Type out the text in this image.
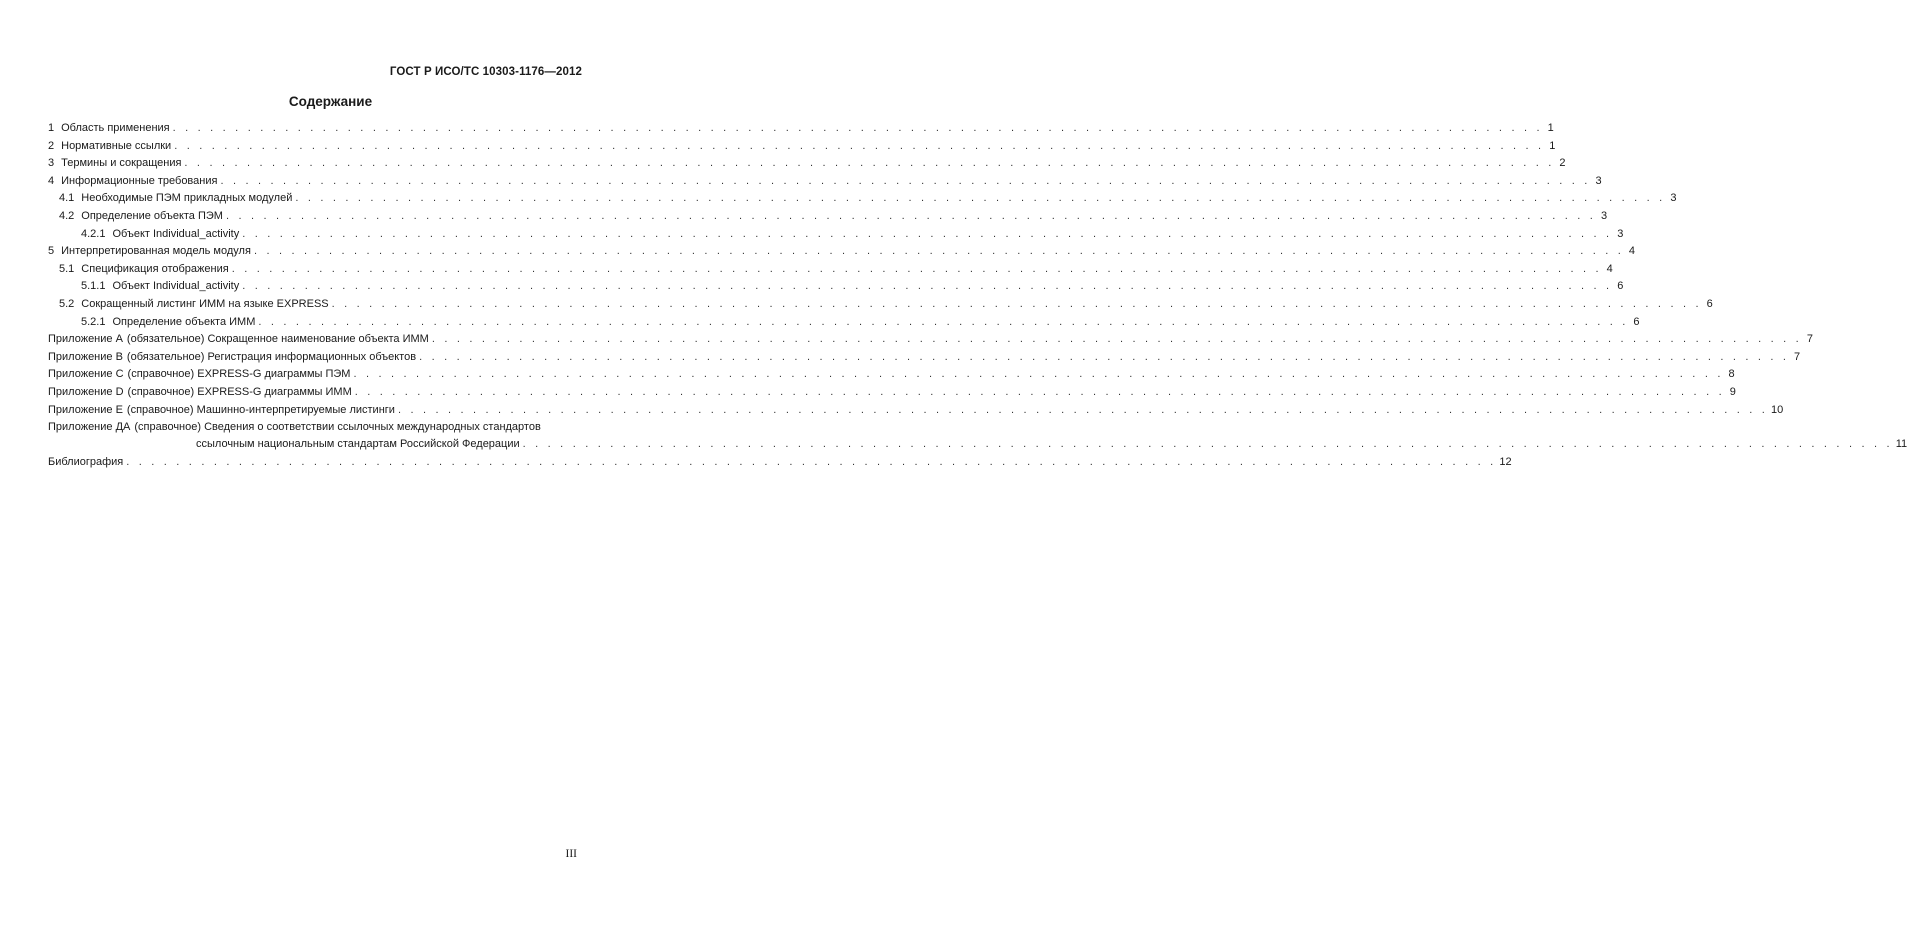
ГОСТ Р ИСО/ТС 10303-1176—2012
Содержание
1 Область применения . . . . . . . . . . . . . . . . . . . . . . . . . . . . . . . . . . . . . . . . . . . . . . . . . . . . . . . . . . . . . . . . . . . . . . . . . . . . . . . . . . . . . . . . . . . . . . . . . . . . . . . . . . . . . . 1
2 Нормативные ссылки . . . . . . . . . . . . . . . . . . . . . . . . . . . . . . . . . . . . . . . . . . . . . . . . . . . . . . . . . . . . . . . . . . . . . . . . . . . . . . . . . . . . . . . . . . . . . . . . . . . . . . . . . . . . . . 1
3 Термины и сокращения . . . . . . . . . . . . . . . . . . . . . . . . . . . . . . . . . . . . . . . . . . . . . . . . . . . . . . . . . . . . . . . . . . . . . . . . . . . . . . . . . . . . . . . . . . . . . . . . . . . . . . . . . . . . . . 2
4 Информационные требования . . . . . . . . . . . . . . . . . . . . . . . . . . . . . . . . . . . . . . . . . . . . . . . . . . . . . . . . . . . . . . . . . . . . . . . . . . . . . . . . . . . . . . . . . . . . . . . . . . . . . . . . . . . . . . 3
4.1 Необходимые ПЭМ прикладных модулей . . . . . . . . . . . . . . . . . . . . . . . . . . . . . . . . . . . . . . . . . . . . . . . . . . . . . . . . . . . . . . . . . . . . . . . . . . . . . . . . . . . . . . . . . . . . . . . . . . . . . . . . . . . . . . 3
4.2 Определение объекта ПЭМ . . . . . . . . . . . . . . . . . . . . . . . . . . . . . . . . . . . . . . . . . . . . . . . . . . . . . . . . . . . . . . . . . . . . . . . . . . . . . . . . . . . . . . . . . . . . . . . . . . . . . . . . . . . . . . 3
4.2.1 Объект Individual_activity . . . . . . . . . . . . . . . . . . . . . . . . . . . . . . . . . . . . . . . . . . . . . . . . . . . . . . . . . . . . . . . . . . . . . . . . . . . . . . . . . . . . . . . . . . . . . . . . . . . . . . . . . . . . . . 3
5 Интерпретированная модель модуля . . . . . . . . . . . . . . . . . . . . . . . . . . . . . . . . . . . . . . . . . . . . . . . . . . . . . . . . . . . . . . . . . . . . . . . . . . . . . . . . . . . . . . . . . . . . . . . . . . . . . . . . . . . . . . 4
5.1 Спецификация отображения . . . . . . . . . . . . . . . . . . . . . . . . . . . . . . . . . . . . . . . . . . . . . . . . . . . . . . . . . . . . . . . . . . . . . . . . . . . . . . . . . . . . . . . . . . . . . . . . . . . . . . . . . . . . . . 4
5.1.1 Объект Individual_activity . . . . . . . . . . . . . . . . . . . . . . . . . . . . . . . . . . . . . . . . . . . . . . . . . . . . . . . . . . . . . . . . . . . . . . . . . . . . . . . . . . . . . . . . . . . . . . . . . . . . . . . . . . . . . . 6
5.2 Сокращенный листинг ИММ на языке EXPRESS . . . . . . . . . . . . . . . . . . . . . . . . . . . . . . . . . . . . . . . . . . . . . . . . . . . . . . . . . . . . . . . . . . . . . . . . . . . . . . . . . . . . . . . . . . . . . . . . . . . . . . . . . . . . . . 6
5.2.1 Определение объекта ИММ . . . . . . . . . . . . . . . . . . . . . . . . . . . . . . . . . . . . . . . . . . . . . . . . . . . . . . . . . . . . . . . . . . . . . . . . . . . . . . . . . . . . . . . . . . . . . . . . . . . . . . . . . . . . . . 6
Приложение А (обязательное) Сокращенное наименование объекта ИММ . . . . . . . . . . . . . . . . . . . . . . . . . . . . . . . . . . . . . . . . . . . . . . . . . . . . . . . . . . . . . . . . . . . . . . . . . . . . . . . . . . . . . . . . . . . . . . . . . . . . . . . . . . . . . . 7
Приложение В (обязательное) Регистрация информационных объектов . . . . . . . . . . . . . . . . . . . . . . . . . . . . . . . . . . . . . . . . . . . . . . . . . . . . . . . . . . . . . . . . . . . . . . . . . . . . . . . . . . . . . . . . . . . . . . . . . . . . . . . . . . . . . . 7
Приложение С (справочное) EXPRESS-G диаграммы ПЭМ . . . . . . . . . . . . . . . . . . . . . . . . . . . . . . . . . . . . . . . . . . . . . . . . . . . . . . . . . . . . . . . . . . . . . . . . . . . . . . . . . . . . . . . . . . . . . . . . . . . . . . . . . . . . . . 8
Приложение D (справочное) EXPRESS-G диаграммы ИММ . . . . . . . . . . . . . . . . . . . . . . . . . . . . . . . . . . . . . . . . . . . . . . . . . . . . . . . . . . . . . . . . . . . . . . . . . . . . . . . . . . . . . . . . . . . . . . . . . . . . . . . . . . . . . . 9
Приложение Е (справочное) Машинно-интерпретируемые листинги . . . . . . . . . . . . . . . . . . . . . . . . . . . . . . . . . . . . . . . . . . . . . . . . . . . . . . . . . . . . . . . . . . . . . . . . . . . . . . . . . . . . . . . . . . . . . . . . . . . . . . . . . . . . . . 10
Приложение ДА (справочное) Сведения о соответствии ссылочных международных стандартов
ссылочным национальным стандартам Российской Федерации . . . . . . . . . . . . . . . . . . . . . . . . . . . . . . . . . . . . . . . . . . . . . . . . . . . . . . . . . . . . . . . . . . . . . . . . . . . . . . . . . . . . . . . . . . . . . . . . . . . . . . . . . . . . . . 11
Библиография . . . . . . . . . . . . . . . . . . . . . . . . . . . . . . . . . . . . . . . . . . . . . . . . . . . . . . . . . . . . . . . . . . . . . . . . . . . . . . . . . . . . . . . . . . . . . . . . . . . . . . . . . . . . . . 12
III
